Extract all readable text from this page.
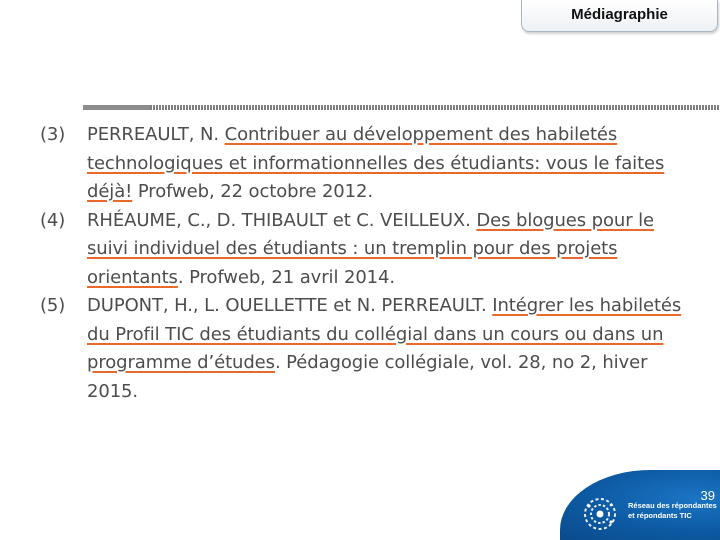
Médiagraphie
(3)	PERREAULT, N. Contribuer au développement des habiletés technologiques et informationnelles des étudiants: vous le faites déjà! Profweb, 22 octobre 2012.
(4)	RHÉAUME, C., D. THIBAULT et C. VEILLEUX. Des blogues pour le suivi individuel des étudiants : un tremplin pour des projets orientants. Profweb, 21 avril 2014.
(5)	DUPONT, H., L. OUELLETTE et N. PERREAULT. Intégrer les habiletés du Profil TIC des étudiants du collégial dans un cours ou dans un programme d’études. Pédagogie collégiale, vol. 28, no 2, hiver 2015.
39
Réseau des répondantes
et répondants TIC
